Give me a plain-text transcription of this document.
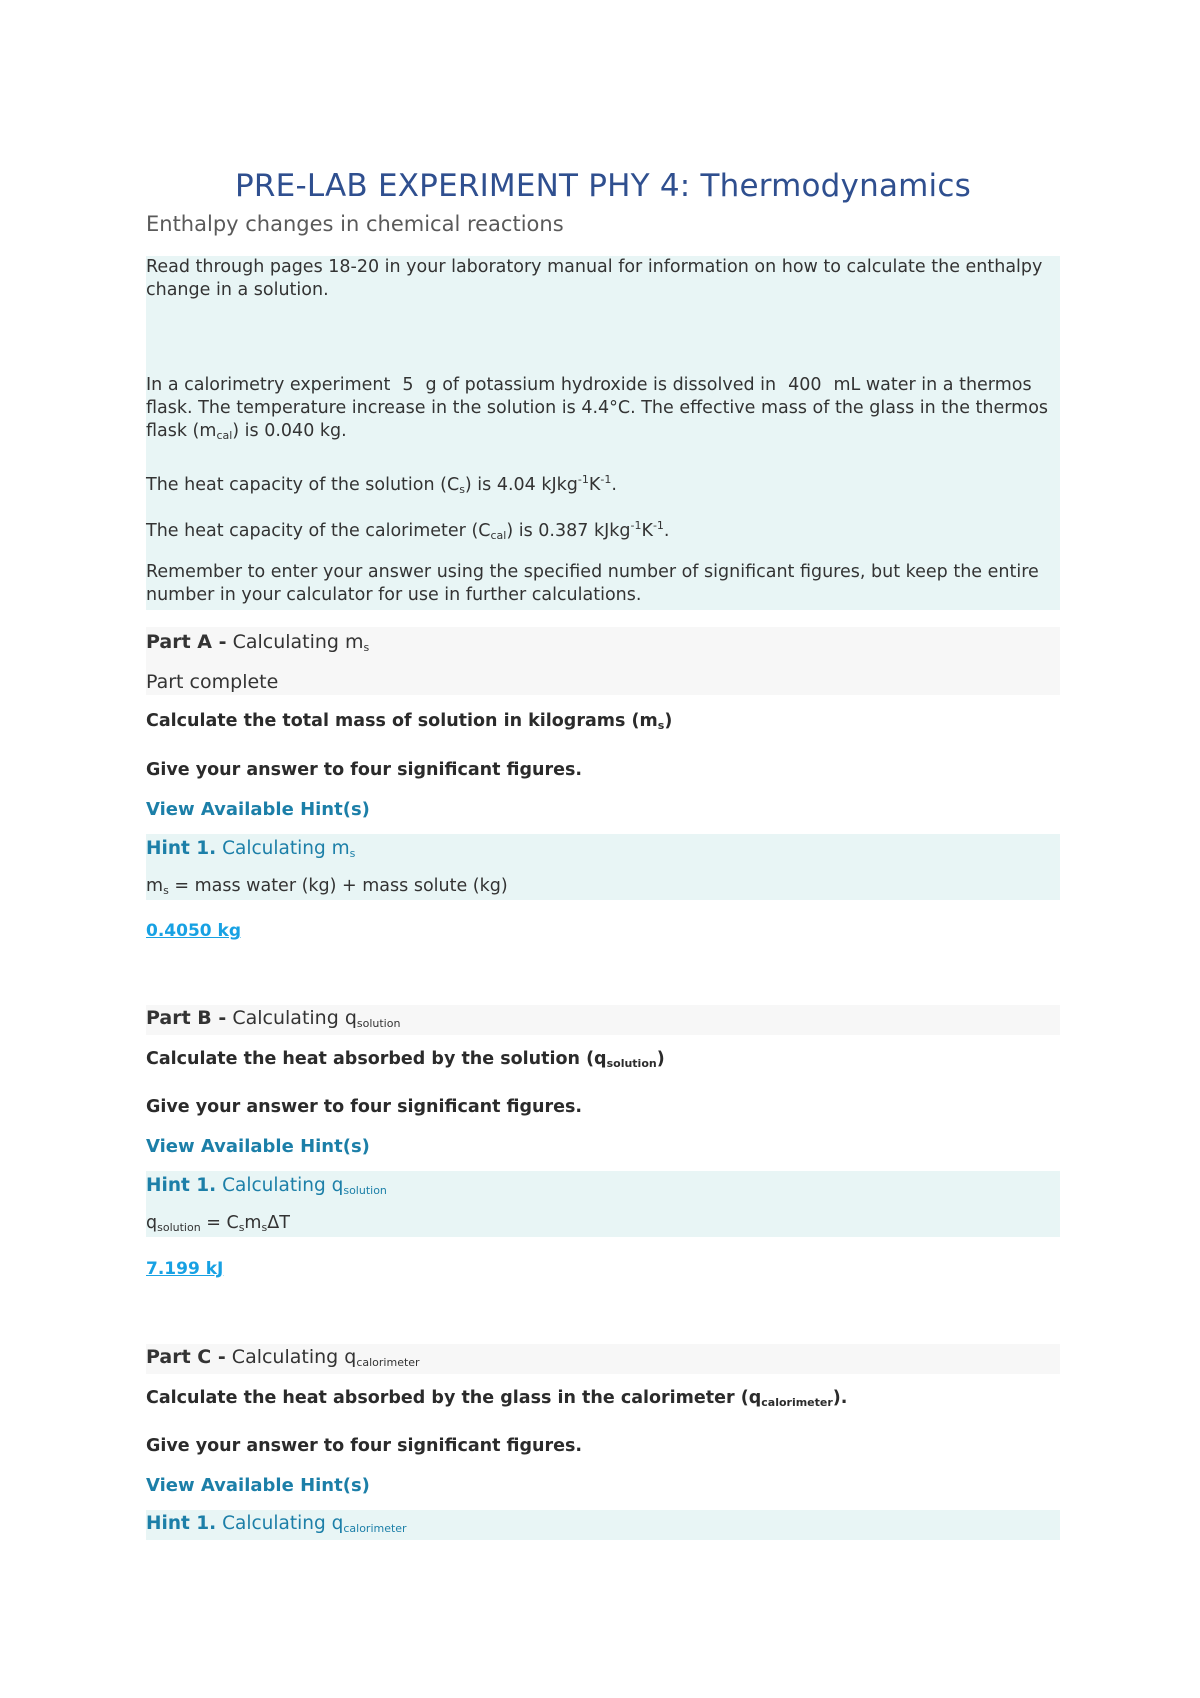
PRE-LAB EXPERIMENT PHY 4: Thermodynamics
Enthalpy changes in chemical reactions

Read through pages 18-20 in your laboratory manual for information on how to calculate the enthalpy change in a solution.

In a calorimetry experiment 5 g of potassium hydroxide is dissolved in 400 mL water in a thermos flask. The temperature increase in the solution is 4.4°C. The effective mass of the glass in the thermos flask $(m_{cal})$ is 0.040 kg.

The heat capacity of the solution $(C_s)$ is 4.04 $kJkg^{-1}K^{-1}$.

The heat capacity of the calorimeter $(C_{cal})$ is 0.387 $kJkg^{-1}K^{-1}$.

Remember to enter your answer using the specified number of significant figures, but keep the entire number in your calculator for use in further calculations.

Part A - Calculating $m_s$
Part complete
Calculate the total mass of solution in kilograms $(m_s)$
Give your answer to four significant figures.
View Available Hint(s)
Hint 1. Calculating $m_s$
$m_s$ = mass water (kg) + mass solute (kg)
0.4050 kg
Part B - Calculating $q_{solution}$
Calculate the heat absorbed by the solution $(q_{solution})$
Give your answer to four significant figures.
View Available Hint(s)
Hint 1. Calculating $q_{solution}$
$q_{solution} = C_sm_s\Delta T$
7.199 kJ
Part C - Calculating $q_{calorimeter}$
Calculate the heat absorbed by the glass in the calorimeter $(q_{calorimeter})$.
Give your answer to four significant figures.
View Available Hint(s)
Hint 1. Calculating $q_{calorimeter}$
